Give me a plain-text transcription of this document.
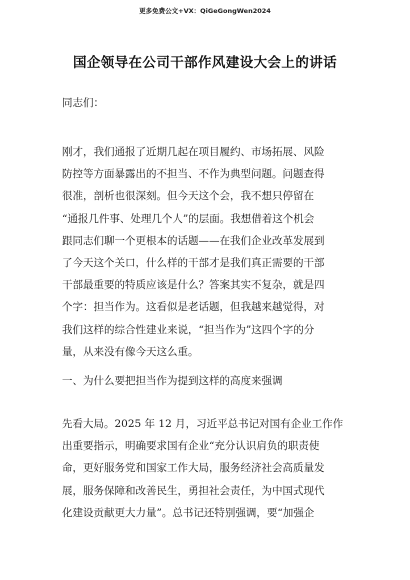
更多免费公文+VX：QiGeGongWen2024
国企领导在公司干部作风建设大会上的讲话
同志们：
刚才，我们通报了近期几起在项目履约、市场拓展、风险
防控等方面暴露出的不担当、不作为典型问题。问题查得
很准，剖析也很深刻。但今天这个会，我不想只停留在
“通报几件事、处理几个人”的层面。我想借着这个机会
跟同志们聊一个更根本的话题——在我们企业改革发展到
了今天这个关口，什么样的干部才是我们真正需要的干部
干部最重要的特质应该是什么？答案其实不复杂，就是四
个字：担当作为。这看似是老话题，但我越来越觉得，对
我们这样的综合性建业来说，“担当作为”这四个字的分
量，从来没有像今天这么重。
一、为什么要把担当作为提到这样的高度来强调
先看大局。2025 年 12 月，习近平总书记对国有企业工作作
出重要指示，明确要求国有企业“充分认识肩负的职责使
命，更好服务党和国家工作大局，服务经济社会高质量发
展，服务保障和改善民生，勇担社会责任，为中国式现代
化建设贡献更大力量”。总书记还特别强调，要“加强企
